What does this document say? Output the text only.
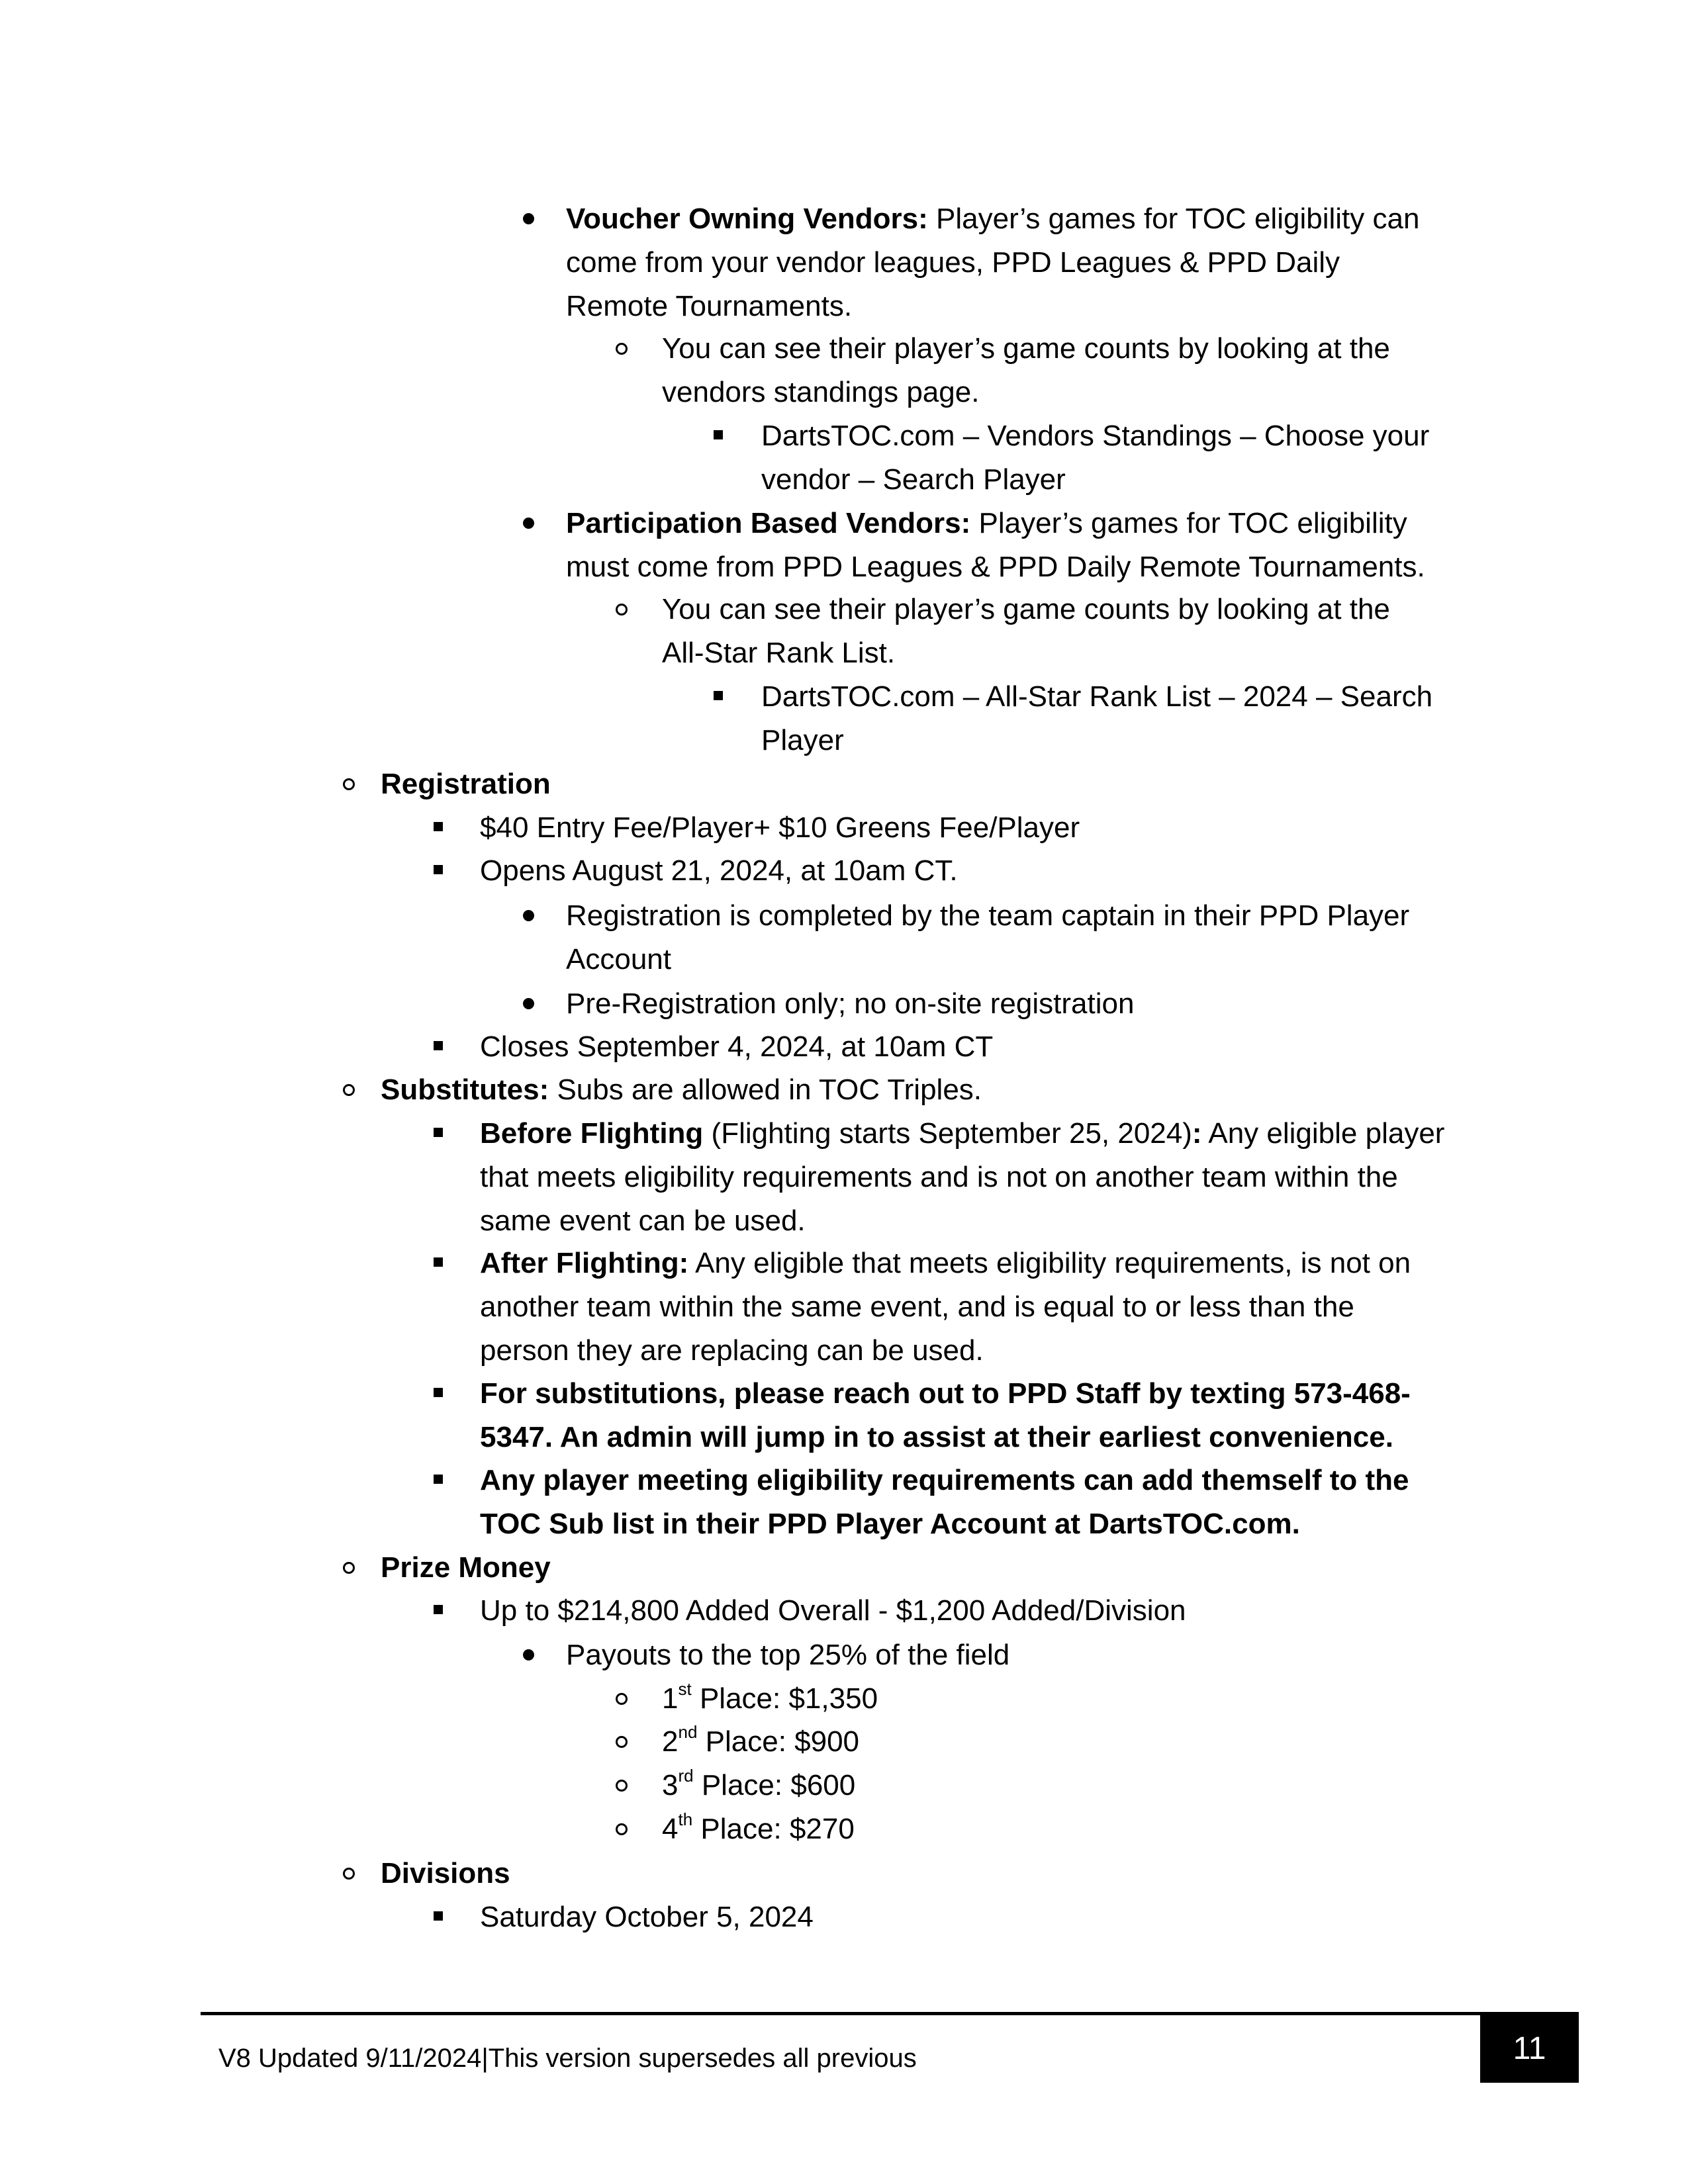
Voucher Owning Vendors: Player’s games for TOC eligibility can
come from your vendor leagues, PPD Leagues & PPD Daily
Remote Tournaments.
You can see their player’s game counts by looking at the
vendors standings page.
DartsTOC.com – Vendors Standings – Choose your
vendor – Search Player
Participation Based Vendors: Player’s games for TOC eligibility
must come from PPD Leagues & PPD Daily Remote Tournaments.
You can see their player’s game counts by looking at the
All-Star Rank List.
DartsTOC.com – All-Star Rank List – 2024 – Search
Player
Registration
$40 Entry Fee/Player+ $10 Greens Fee/Player
Opens August 21, 2024, at 10am CT.
Registration is completed by the team captain in their PPD Player
Account
Pre-Registration only; no on-site registration
Closes September 4, 2024, at 10am CT
Substitutes: Subs are allowed in TOC Triples.
Before Flighting (Flighting starts September 25, 2024): Any eligible player
that meets eligibility requirements and is not on another team within the
same event can be used.
After Flighting: Any eligible that meets eligibility requirements, is not on
another team within the same event, and is equal to or less than the
person they are replacing can be used.
For substitutions, please reach out to PPD Staff by texting 573-468-
5347. An admin will jump in to assist at their earliest convenience.
Any player meeting eligibility requirements can add themself to the
TOC Sub list in their PPD Player Account at DartsTOC.com.
Prize Money
Up to $214,800 Added Overall - $1,200 Added/Division
Payouts to the top 25% of the field
1st Place: $1,350
2nd Place: $900
3rd Place: $600
4th Place: $270
Divisions
Saturday October 5, 2024
V8 Updated 9/11/2024|This version supersedes all previous	11
